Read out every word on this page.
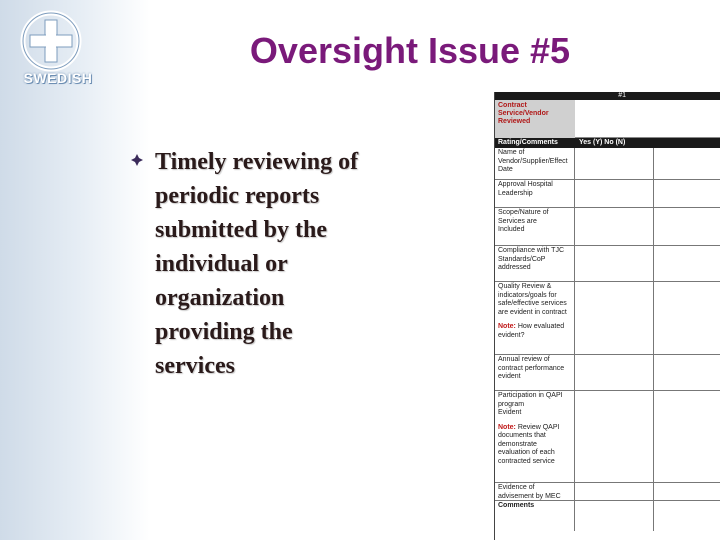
SWEDISH
Oversight Issue #5
Timely reviewing of
periodic reports
submitted by the
individual or
organization
providing the
services
#1
Contract
Service/Vendor
Reviewed
Rating/Comments	Yes (Y) No (N)
Name of
Vendor/Supplier/Effect
Date
Approval Hospital
Leadership
Scope/Nature of
Services are
Included
Compliance with TJC
Standards/CoP
addressed
Quality Review &
indicators/goals for
safe/effective services
are evident in contract
Note: How evaluated
evident?
Annual review of
contract performance
evident
Participation in QAPI
program
Evident
Note: Review QAPI
documents that
demonstrate
evaluation of each
contracted service
Evidence of
advisement by MEC
Comments
